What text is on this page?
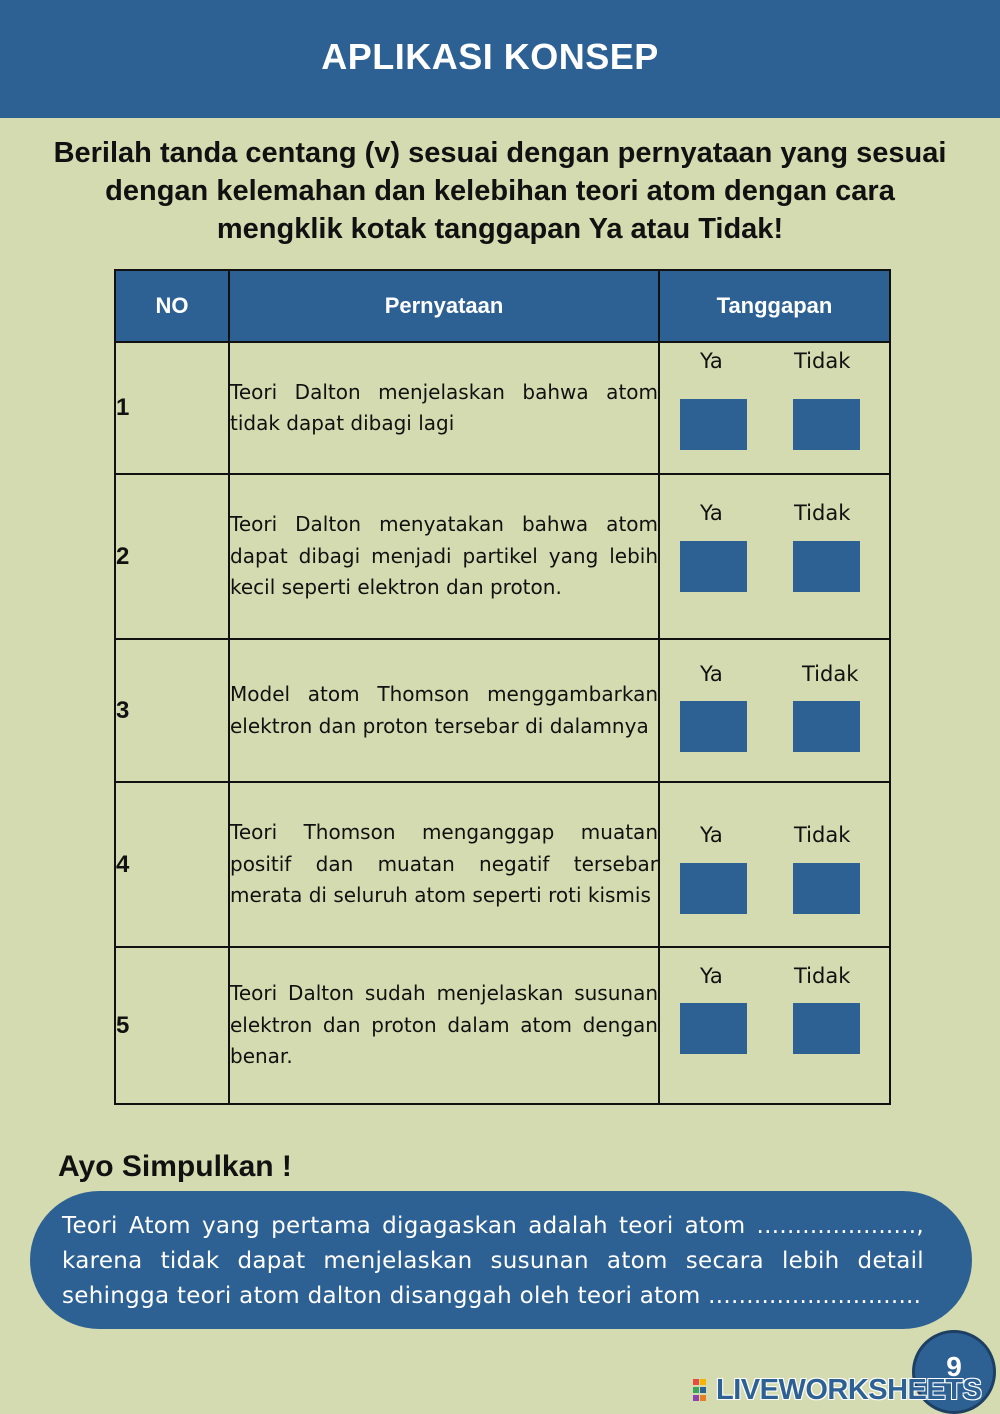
APLIKASI KONSEP
Berilah tanda centang (v) sesuai dengan pernyataan yang sesuai dengan kelemahan dan kelebihan teori atom dengan cara mengklik kotak tanggapan Ya atau Tidak!
NO	Pernyataan	Tanggapan
1	Teori Dalton menjelaskan bahwa atom tidak dapat dibagi lagi	Ya Tidak

2	Teori Dalton menyatakan bahwa atom dapat dibagi menjadi partikel yang lebih kecil seperti elektron dan proton.	Ya Tidak

3	Model atom Thomson menggambarkan elektron dan proton tersebar di dalamnya	Ya Tidak

4	Teori Thomson menganggap muatan positif dan muatan negatif tersebar merata di seluruh atom seperti roti kismis	Ya Tidak

5	Teori Dalton sudah menjelaskan susunan elektron dan proton dalam atom dengan benar.	Ya Tidak
Ayo Simpulkan !
Teori Atom yang pertama digagaskan adalah teori atom ....................., karena tidak dapat menjelaskan susunan atom secara lebih detail sehingga teori atom dalton disanggah oleh teori atom ............................
9
LIVEWORKSHEETS
